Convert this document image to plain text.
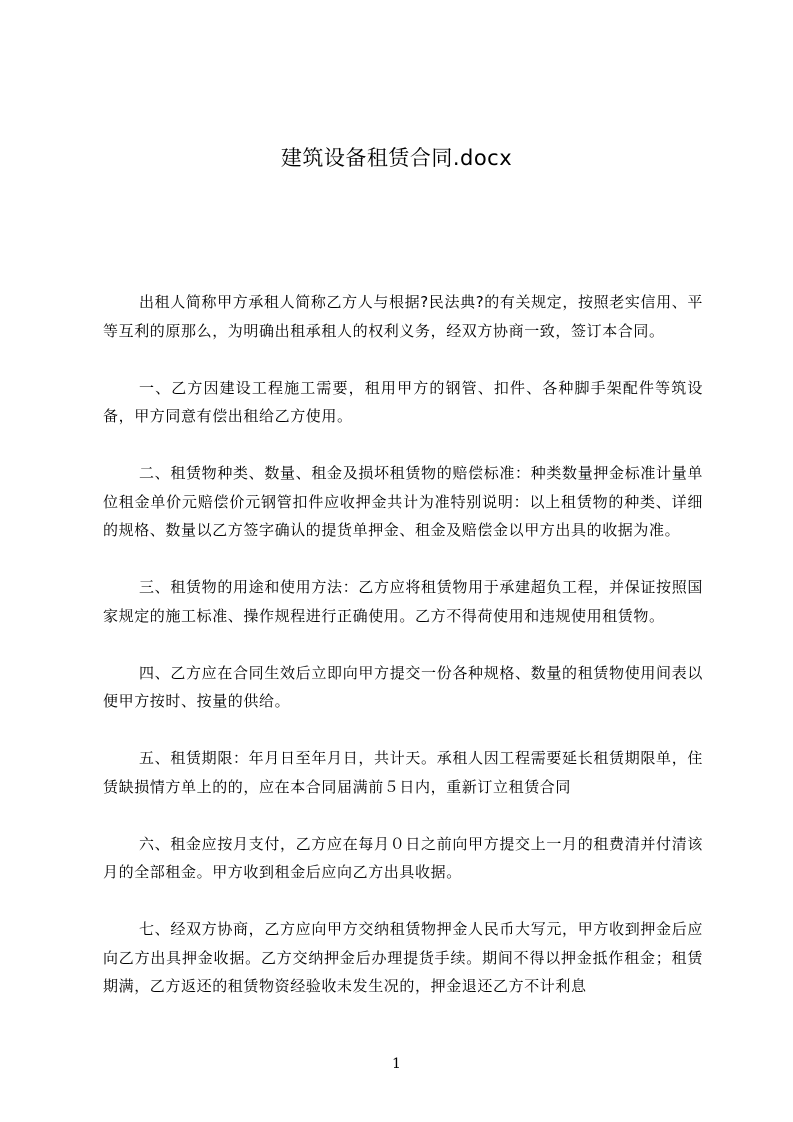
建筑设备租赁合同.docx

出租人简称甲方承租人简称乙方人与根据?民法典?的有关规定，按照老实信用、平等互利的原那么，为明确出租承租人的权利义务，经双方协商一致，签订本合同。

一、乙方因建设工程施工需要，租用甲方的钢管、扣件、各种脚手架配件等筑设备，甲方同意有偿出租给乙方使用。

二、租赁物种类、数量、租金及损坏租赁物的赔偿标准：种类数量押金标准计量单位租金单价元赔偿价元钢管扣件应收押金共计为准特别说明：以上租赁物的种类、详细的规格、数量以乙方签字确认的提货单押金、租金及赔偿金以甲方出具的收据为准。

三、租赁物的用途和使用方法：乙方应将租赁物用于承建超负工程，并保证按照国家规定的施工标准、操作规程进行正确使用。乙方不得荷使用和违规使用租赁物。

四、乙方应在合同生效后立即向甲方提交一份各种规格、数量的租赁物使用间表以便甲方按时、按量的供给。

五、租赁期限：年月日至年月日，共计天。承租人因工程需要延长租赁期限单，住赁缺损情方单上的的，应在本合同届满前５日内，重新订立租赁合同

六、租金应按月支付，乙方应在每月０日之前向甲方提交上一月的租费清并付清该月的全部租金。甲方收到租金后应向乙方出具收据。

七、经双方协商，乙方应向甲方交纳租赁物押金人民币大写元，甲方收到押金后应向乙方出具押金收据。乙方交纳押金后办理提货手续。期间不得以押金抵作租金；租赁期满，乙方返还的租赁物资经验收未发生况的，押金退还乙方不计利息

1
